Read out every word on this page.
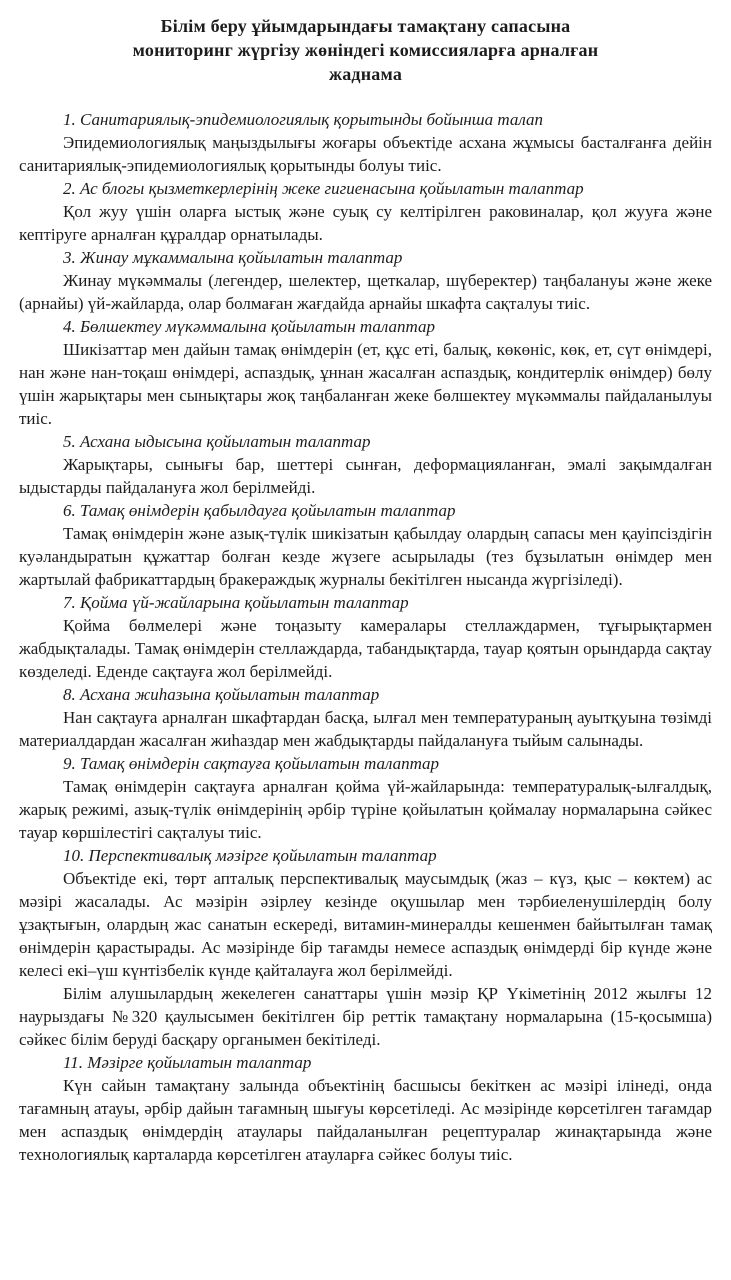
Білім беру ұйымдарындағы тамақтану сапасына
мониторинг жүргізу жөніндегі комиссияларға арналған
жаднама

1. Санитариялық-эпидемиологиялық қорытынды бойынша талап

Эпидемиологиялық маңыздылығы жоғары объектіде асхана жұмысы басталғанға дейін санитариялық-эпидемиологиялық қорытынды болуы тиіс.

2. Ас блогы қызметкерлерінің жеке гигиенасына қойылатын талаптар

Қол жуу үшін оларға ыстық және суық су келтірілген раковиналар, қол жууға және кептіруге арналған құралдар орнатылады.

3. Жинау мұкаммалына қойылатын талаптар

Жинау мүкәммалы (легендер, шелектер, щеткалар, шүберектер) таңбалануы және жеке (арнайы) үй-жайларда, олар болмаған жағдайда арнайы шкафта сақталуы тиіс.

4. Бөлшектеу мүкәммалына қойылатын талаптар

Шикізаттар мен дайын тамақ өнімдерін (ет, құс еті, балық, көкөніс, көк, ет, сүт өнімдері, нан және нан-тоқаш өнімдері, аспаздық, ұннан жасалған аспаздық, кондитерлік өнімдер) бөлу үшін жарықтары мен сынықтары жоқ таңбаланған жеке бөлшектеу мүкәммалы пайдаланылуы тиіс.

5. Асхана ыдысына қойылатын талаптар

Жарықтары, сынығы бар, шеттері сынған, деформацияланған, эмалі зақымдалған ыдыстарды пайдалануға жол берілмейді.

6. Тамақ өнімдерін қабылдауға қойылатын талаптар

Тамақ өнімдерін және азық-түлік шикізатын қабылдау олардың сапасы мен қауіпсіздігін куәландыратын құжаттар болған кезде жүзеге асырылады (тез бұзылатын өнімдер мен жартылай фабрикаттардың бракераждық журналы бекітілген нысанда жүргізіледі).

7. Қойма үй-жайларына қойылатын талаптар

Қойма бөлмелері және тоңазыту камералары стеллаждармен, тұғырықтармен жабдықталады. Тамақ өнімдерін стеллаждарда, табандықтарда, тауар қоятын орындарда сақтау көзделеді. Еденде сақтауға жол берілмейді.

8. Асхана жиһазына қойылатын талаптар

Нан сақтауға арналған шкафтардан басқа, ылғал мен температураның ауытқуына төзімді материалдардан жасалған жиһаздар мен жабдықтарды пайдалануға тыйым салынады.

9. Тамақ өнімдерін сақтауға қойылатын талаптар

Тамақ өнімдерін сақтауға арналған қойма үй-жайларында: температуралық-ылғалдық, жарық режимі, азық-түлік өнімдерінің әрбір түріне қойылатын қоймалау нормаларына сәйкес тауар көршілестігі сақталуы тиіс.

10. Перспективалық мәзірге қойылатын талаптар

Объектіде екі, төрт апталық перспективалық маусымдық (жаз – күз, қыс – көктем) ас мәзірі жасалады. Ас мәзірін әзірлеу кезінде оқушылар мен тәрбиеленушілердің болу ұзақтығын, олардың жас санатын ескереді, витамин-минералды кешенмен байытылған тамақ өнімдерін қарастырады. Ас мәзірінде бір тағамды немесе аспаздық өнімдерді бір күнде және келесі екі–үш күнтізбелік күнде қайталауға жол берілмейді.

Білім алушылардың жекелеген санаттары үшін мәзір ҚР Үкіметінің 2012 жылғы 12 наурыздағы №320 қаулысымен бекітілген бір реттік тамақтану нормаларына (15-қосымша) сәйкес білім беруді басқару органымен бекітіледі.

11. Мәзірге қойылатын талаптар

Күн сайын тамақтану залында объектінің басшысы бекіткен ас мәзірі ілінеді, онда тағамның атауы, әрбір дайын тағамның шығуы көрсетіледі. Ас мәзірінде көрсетілген тағамдар мен аспаздық өнімдердің атаулары пайдаланылған рецептуралар жинақтарында және технологиялық карталарда көрсетілген атауларға сәйкес болуы тиіс.
